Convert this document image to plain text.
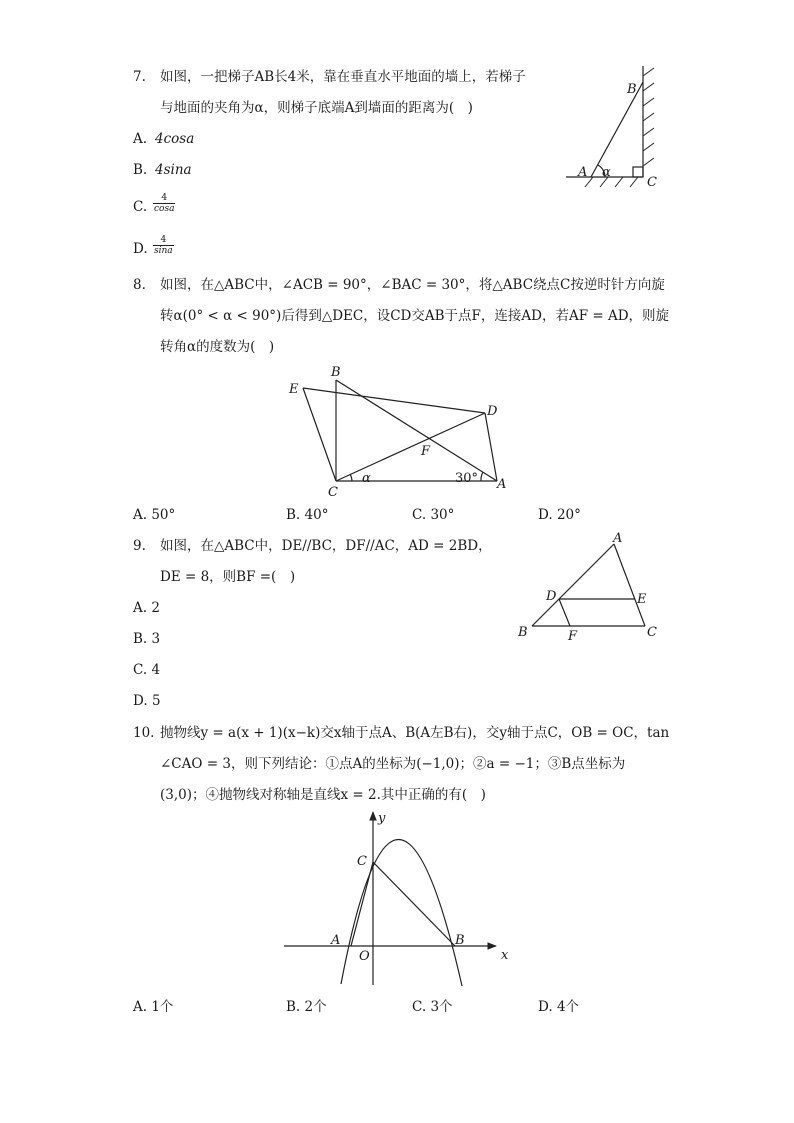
7. 如图，一把梯子AB长4米，靠在垂直水平地面的墙上，若梯子
与地面的夹角为α，则梯子底端A到墙面的距离为(　)
A. 4cosa
B. 4sina
C. $\frac{4}{\cos a}$
D. $\frac{4}{\sin a}$
B
A α
C
8. 如图，在△ABC中，∠ACB = 90°，∠BAC = 30°，将△ABC绕点C按逆时针方向旋
转α(0° < α < 90°)后得到△DEC，设CD交AB于点F，连接AD，若AF = AD，则旋
转角α的度数为(　)
B
E
D
F
α	30°
C
A
A. 50°	B. 40°	C. 30°	D. 20°
9. 如图，在△ABC中，DE//BC，DF//AC，AD = 2BD，
DE = 8，则BF =(　)
A. 2
B. 3
C. 4
D. 5
A
D	E
B	F	C
10. 抛物线y = a(x + 1)(x−k)交x轴于点A、B(A左B右)，交y轴于点C，OB = OC，tan
∠CAO = 3，则下列结论：①点A的坐标为(−1,0)；②a = −1；③B点坐标为
(3,0)；④抛物线对称轴是直线x = 2.其中正确的有(　)
y
C
A	B
O	x
A. 1个	B. 2个	C. 3个	D. 4个
